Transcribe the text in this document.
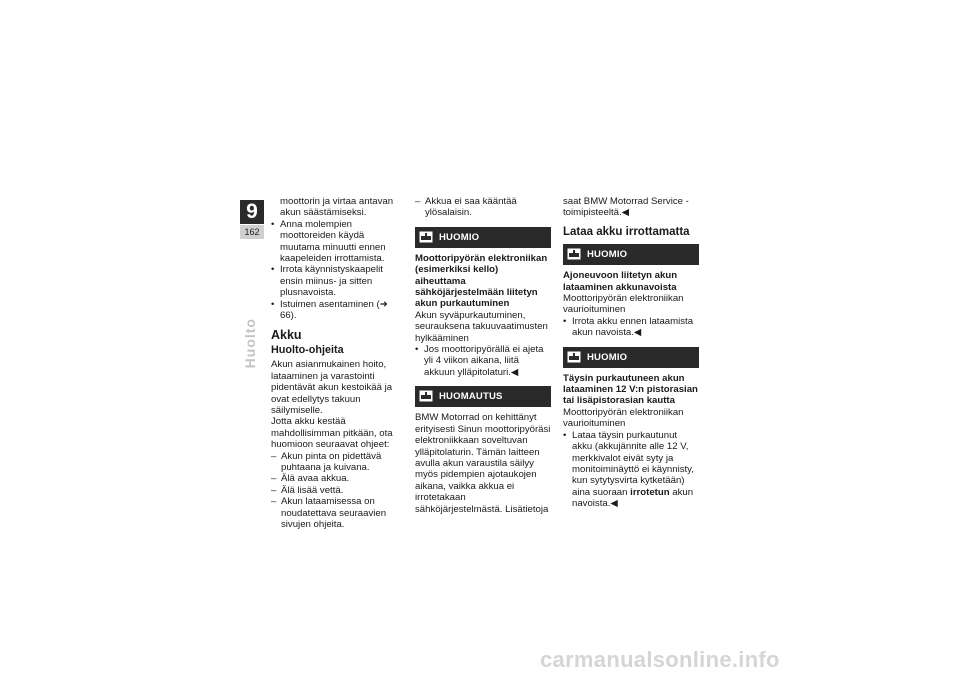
9
162
Huolto

moottorin ja virtaa antavan akun säästämiseksi.

• Anna molempien moottoreiden käydä muutama minuutti ennen kaapeleiden irrottamista.

• Irrota käynnistyskaapelit ensin miinus- ja sitten plusnavoista.

• Istuimen asentaminen (➜ 66).

Akku
Huolto-ohjeita

Akun asianmukainen hoito, lataaminen ja varastointi pidentävät akun kestoikää ja ovat edellytys takuun säilymiselle.

Jotta akku kestää mahdollisimman pitkään, ota huomioon seuraavat ohjeet:

– Akun pinta on pidettävä puhtaana ja kuivana.

– Älä avaa akkua.

– Älä lisää vettä.

– Akun lataamisessa on noudatettava seuraavien sivujen ohjeita.

– Akkua ei saa kääntää ylösalaisin.

HUOMIO

Moottoripyörän elektroniikan (esimerkiksi kello) aiheuttama sähköjärjestelmään liitetyn akun purkautuminen

Akun syväpurkautuminen, seurauksena takuuvaatimusten hylkääminen

• Jos moottoripyörällä ei ajeta yli 4 viikon aikana, liitä akkuun ylläpitolaturi.◀

HUOMAUTUS

BMW Motorrad on kehittänyt erityisesti Sinun moottoripyöräsi elektroniikkaan soveltuvan ylläpitolaturin. Tämän laitteen avulla akun varaustila säilyy myös pidempien ajotaukojen aikana, vaikka akkua ei irrotetakaan sähköjärjestelmästä. Lisätietoja

saat BMW Motorrad Service -toimipisteeltä.◀

Lataa akku irrottamatta
HUOMIO

Ajoneuvoon liitetyn akun lataaminen akkunavoista

Moottoripyörän elektroniikan vaurioituminen

• Irrota akku ennen lataamista akun navoista.◀

HUOMIO

Täysin purkautuneen akun lataaminen 12 V:n pistorasian tai lisäpistorasian kautta

Moottoripyörän elektroniikan vaurioituminen

• Lataa täysin purkautunut akku (akkujännite alle 12 V, merkkivalot eivät syty ja monitoiminäyttö ei käynnisty, kun sytytysvirta kytketään) aina suoraan irrotetun akun navoista.◀

carmanualsonline.info
